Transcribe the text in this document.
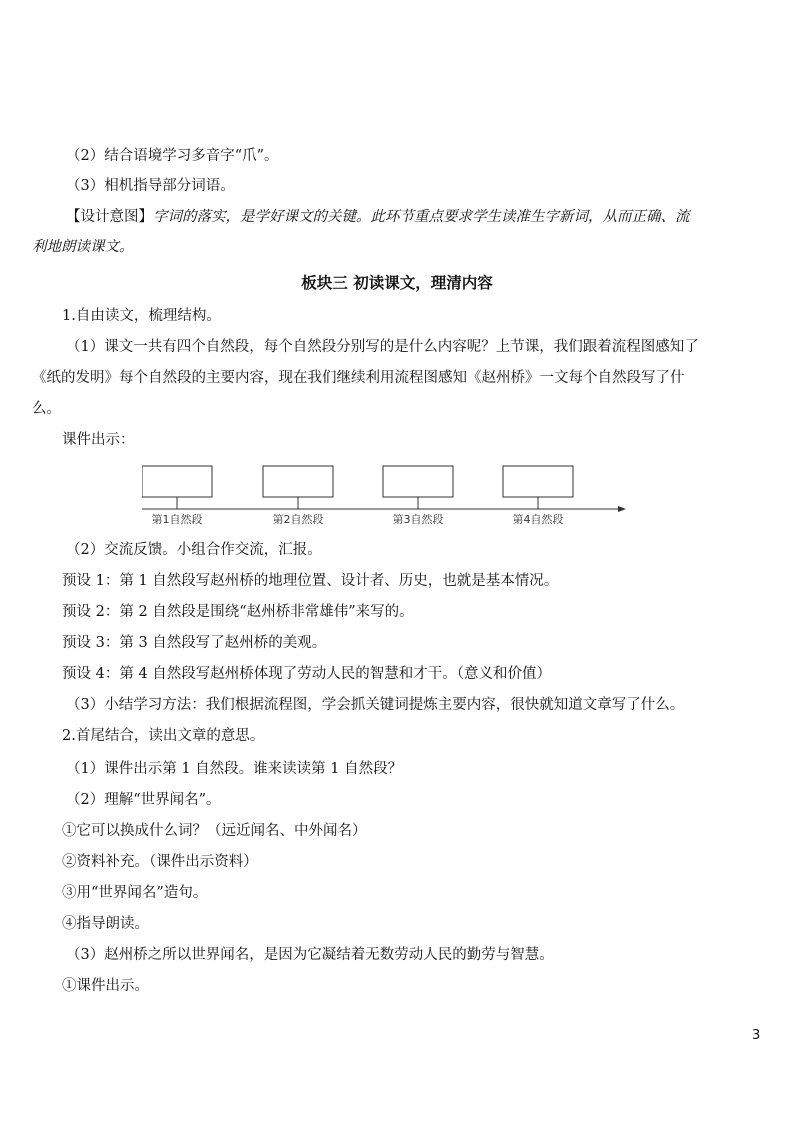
（2）结合语境学习多音字“爪”。
（3）相机指导部分词语。
【设计意图】字词的落实，是学好课文的关键。此环节重点要求学生读准生字新词，从而正确、流
利地朗读课文。
板块三 初读课文，理清内容
1.自由读文，梳理结构。
（1）课文一共有四个自然段，每个自然段分别写的是什么内容呢？上节课，我们跟着流程图感知了
《纸的发明》每个自然段的主要内容，现在我们继续利用流程图感知《赵州桥》一文每个自然段写了什
么。
课件出示：
第1自然段	第2自然段	第3自然段	第4自然段
（2）交流反馈。小组合作交流，汇报。
预设 1：第 1 自然段写赵州桥的地理位置、设计者、历史，也就是基本情况。
预设 2：第 2 自然段是围绕“赵州桥非常雄伟”来写的。
预设 3：第 3 自然段写了赵州桥的美观。
预设 4：第 4 自然段写赵州桥体现了劳动人民的智慧和才干。（意义和价值）
（3）小结学习方法：我们根据流程图，学会抓关键词提炼主要内容，很快就知道文章写了什么。
2.首尾结合，读出文章的意思。
（1）课件出示第 1 自然段。谁来读读第 1 自然段？
（2）理解“世界闻名”。
①它可以换成什么词？（远近闻名、中外闻名）
②资料补充。（课件出示资料）
③用“世界闻名”造句。
④指导朗读。
（3）赵州桥之所以世界闻名，是因为它凝结着无数劳动人民的勤劳与智慧。
①课件出示。
3
